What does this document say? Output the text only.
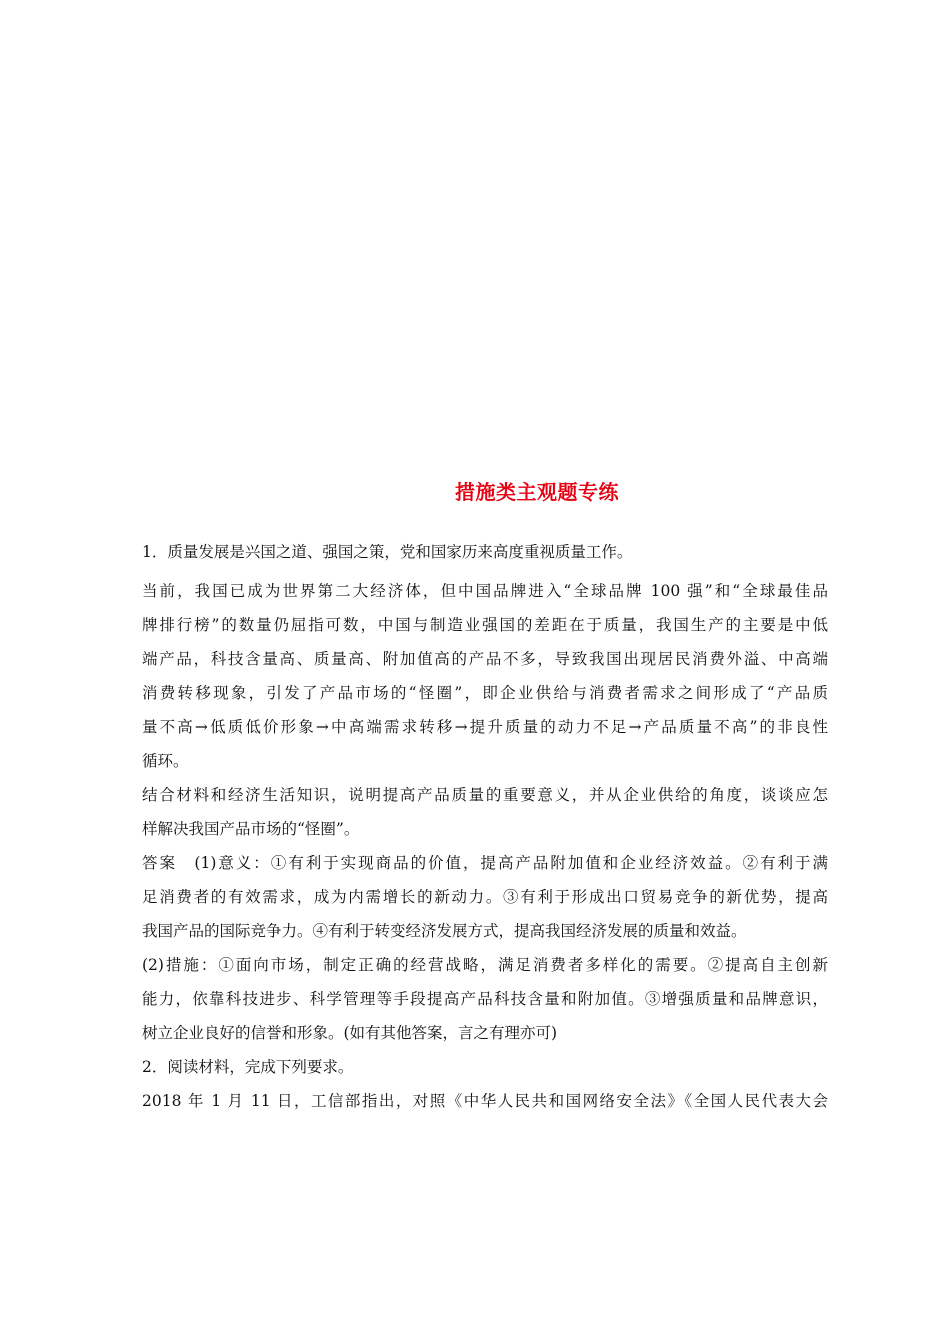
措施类主观题专练
1．质量发展是兴国之道、强国之策，党和国家历来高度重视质量工作。
当前，我国已成为世界第二大经济体，但中国品牌进入“全球品牌 100 强”和“全球最佳品
牌排行榜”的数量仍屈指可数，中国与制造业强国的差距在于质量，我国生产的主要是中低
端产品，科技含量高、质量高、附加值高的产品不多，导致我国出现居民消费外溢、中高端
消费转移现象，引发了产品市场的“怪圈”，即企业供给与消费者需求之间形成了“产品质
量不高→低质低价形象→中高端需求转移→提升质量的动力不足→产品质量不高”的非良性
循环。
结合材料和经济生活知识，说明提高产品质量的重要意义，并从企业供给的角度，谈谈应怎
样解决我国产品市场的“怪圈”。
答案　(1)意义：①有利于实现商品的价值，提高产品附加值和企业经济效益。②有利于满
足消费者的有效需求，成为内需增长的新动力。③有利于形成出口贸易竞争的新优势，提高
我国产品的国际竞争力。④有利于转变经济发展方式，提高我国经济发展的质量和效益。
(2)措施：①面向市场，制定正确的经营战略，满足消费者多样化的需要。②提高自主创新
能力，依靠科技进步、科学管理等手段提高产品科技含量和附加值。③增强质量和品牌意识，
树立企业良好的信誉和形象。(如有其他答案，言之有理亦可)
2．阅读材料，完成下列要求。
2018 年 1 月 11 日，工信部指出，对照《中华人民共和国网络安全法》《全国人民代表大会
